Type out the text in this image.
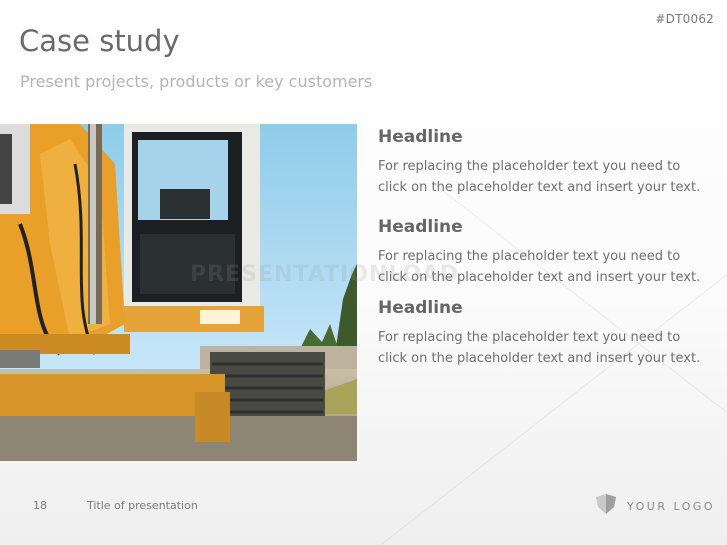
#DT0062
Case study

Present projects, products or key customers

Headline

For replacing the placeholder text you need to click on the placeholder text and insert your text.

Headline

For replacing the placeholder text you need to click on the placeholder text and insert your text.

Headline

For replacing the placeholder text you need to click on the placeholder text and insert your text.

18	Title of presentation	YOUR LOGO
